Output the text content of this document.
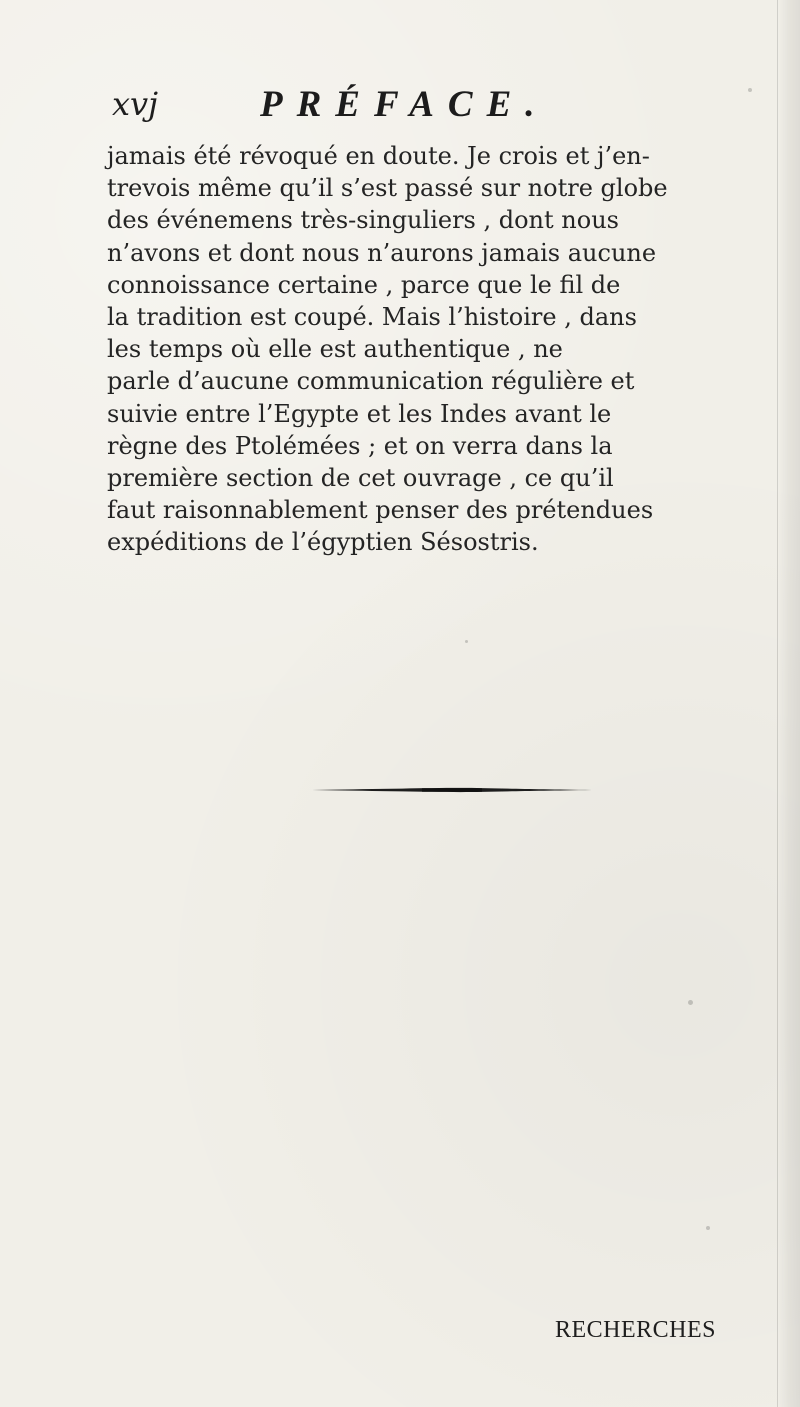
xvj	PRÉFACE.
jamais été révoqué en doute. Je crois et j’en-
trevois même qu’il s’est passé sur notre globe
des événemens très-singuliers , dont nous
n’avons et dont nous n’aurons jamais aucune
connoissance certaine , parce que le fil de
la tradition est coupé. Mais l’histoire , dans
les temps où elle est authentique , ne
parle d’aucune communication régulière et
suivie entre l’Egypte et les Indes avant le
règne des Ptolémées ; et on verra dans la
première section de cet ouvrage , ce qu’il
faut raisonnablement penser des prétendues
expéditions de l’égyptien Sésostris.
RECHERCHES
